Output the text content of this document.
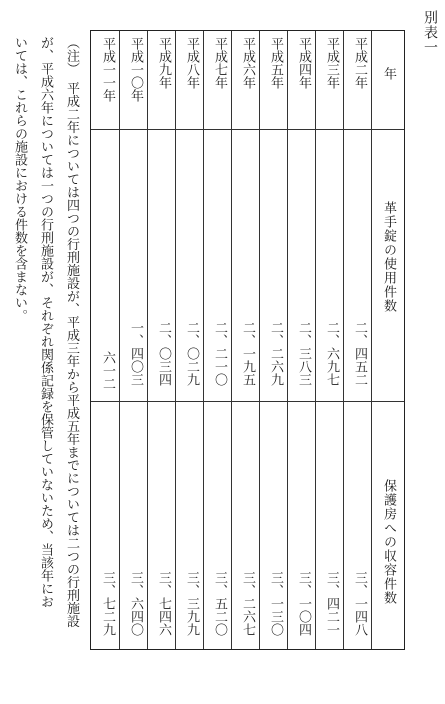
別表一
年
革手錠の使用件数
保護房への収容件数
平成二年
二、四五二
三、一四八
平成三年
二、六九七
三、四二一
平成四年
二、三八三
三、一〇四
平成五年
二、二六九
三、一三〇
平成六年
二、一九五
三、二六七
平成七年
二、二一〇
三、五二〇
平成八年
二、〇二九
三、三九九
平成九年
二、〇三四
三、七四六
平成一〇年
一、四〇三
三、六四〇
平成一一年
六一二
三、七二九
（注）　平成二年については四つの行刑施設が、平成三年から平成五年までについては二つの行刑施設
が、平成六年については一つの行刑施設が、それぞれ関係記録を保管していないため、当該年にお
いては、これらの施設における件数を含まない。
